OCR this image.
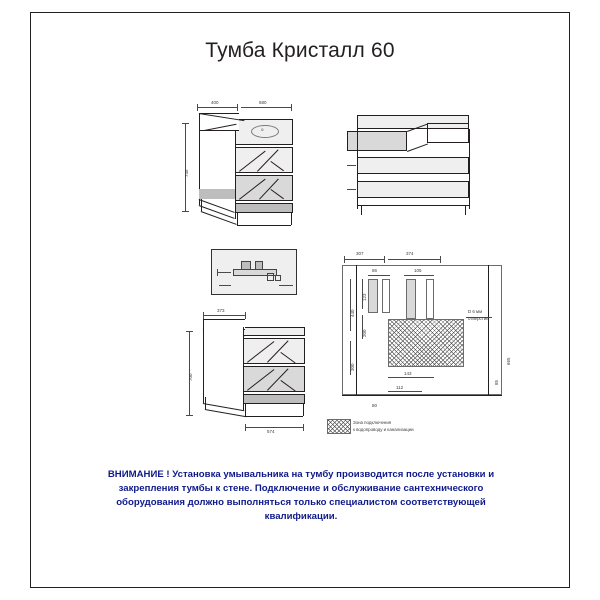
Тумба Кристалл 60
400	580
o
745
373
700
574
307	374
86	105
123
440
200
300
143
112
80
85
665
D 6 мм
отверстие
Зона подключения
к водопроводу и канализации
ВНИМАНИЕ ! Установка умывальника на тумбу производится после установки и закрепления тумбы к стене. Подключение и обслуживание сантехнического оборудования должно выполняться только специалистом соответствующей квалификации.
